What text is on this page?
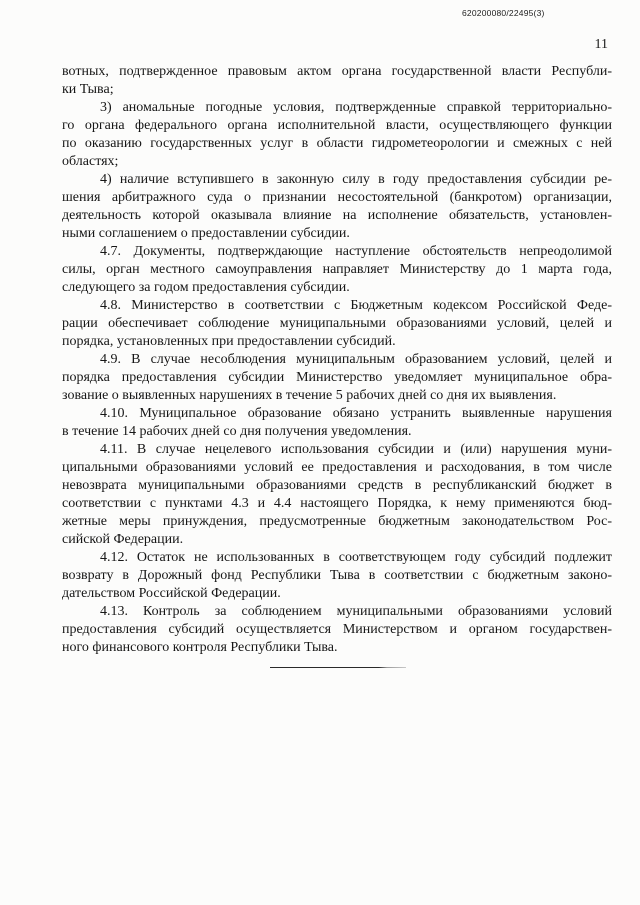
620200080/22495(3)
11
вотных, подтвержденное правовым актом органа государственной власти Республи-
ки Тыва;
3) аномальные погодные условия, подтвержденные справкой территориально-
го органа федерального органа исполнительной власти, осуществляющего функции
по оказанию государственных услуг в области гидрометеорологии и смежных с ней
областях;
4) наличие вступившего в законную силу в году предоставления субсидии ре-
шения арбитражного суда о признании несостоятельной (банкротом) организации,
деятельность которой оказывала влияние на исполнение обязательств, установлен-
ными соглашением о предоставлении субсидии.
4.7. Документы, подтверждающие наступление обстоятельств непреодолимой
силы, орган местного самоуправления направляет Министерству до 1 марта года,
следующего за годом предоставления субсидии.
4.8. Министерство в соответствии с Бюджетным кодексом Российской Феде-
рации обеспечивает соблюдение муниципальными образованиями условий, целей и
порядка, установленных при предоставлении субсидий.
4.9. В случае несоблюдения муниципальным образованием условий, целей и
порядка предоставления субсидии Министерство уведомляет муниципальное обра-
зование о выявленных нарушениях в течение 5 рабочих дней со дня их выявления.
4.10. Муниципальное образование обязано устранить выявленные нарушения
в течение 14 рабочих дней со дня получения уведомления.
4.11. В случае нецелевого использования субсидии и (или) нарушения муни-
ципальными образованиями условий ее предоставления и расходования, в том числе
невозврата муниципальными образованиями средств в республиканский бюджет в
соответствии с пунктами 4.3 и 4.4 настоящего Порядка, к нему применяются бюд-
жетные меры принуждения, предусмотренные бюджетным законодательством Рос-
сийской Федерации.
4.12. Остаток не использованных в соответствующем году субсидий подлежит
возврату в Дорожный фонд Республики Тыва в соответствии с бюджетным законо-
дательством Российской Федерации.
4.13. Контроль за соблюдением муниципальными образованиями условий
предоставления субсидий осуществляется Министерством и органом государствен-
ного финансового контроля Республики Тыва.
